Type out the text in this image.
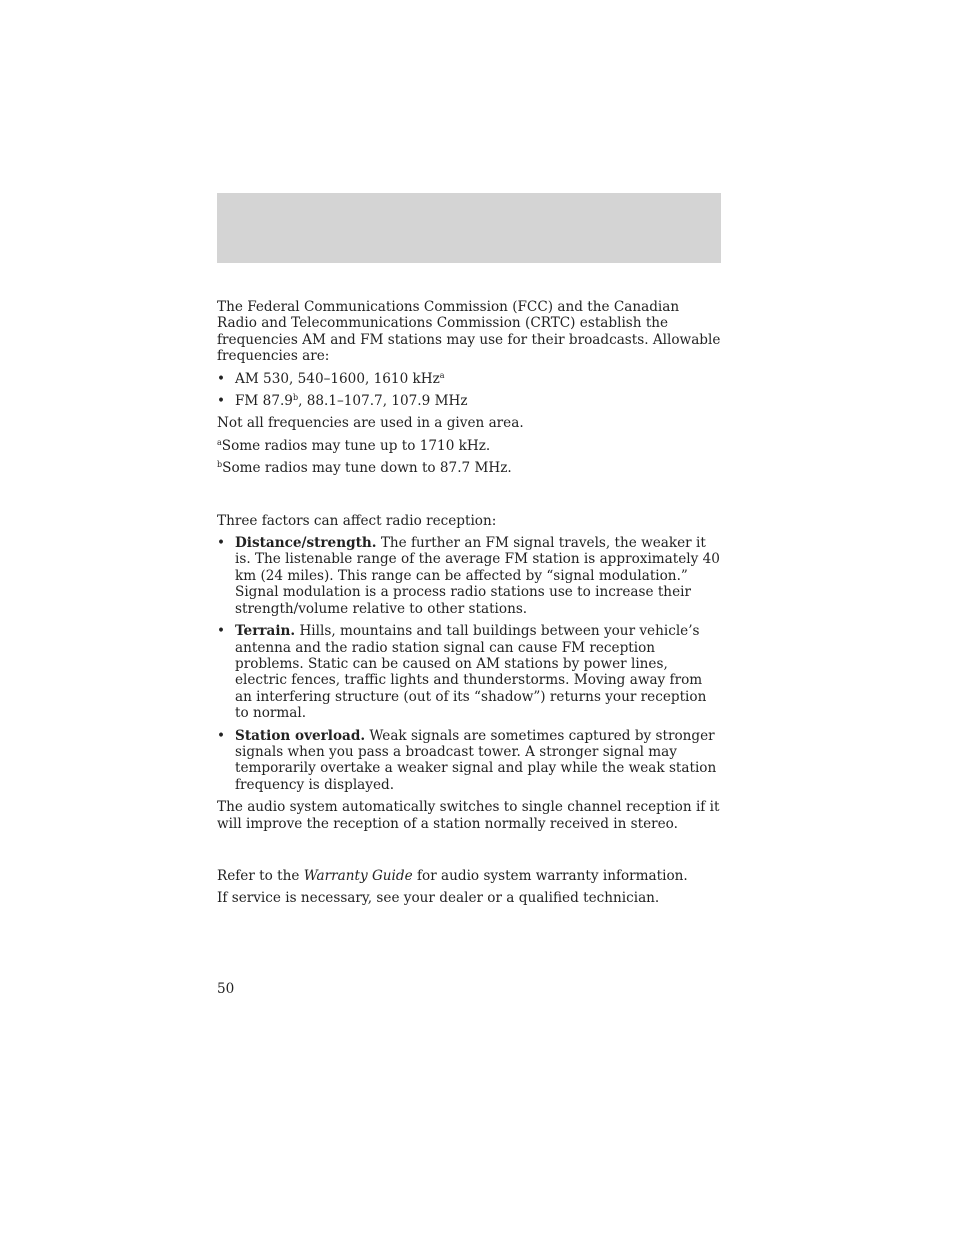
The Federal Communications Commission (FCC) and the Canadian Radio and Telecommunications Commission (CRTC) establish the frequencies AM and FM stations may use for their broadcasts. Allowable frequencies are:

• AM 530, 540–1600, 1610 kHz$^a$
• FM 87.9$^b$, 88.1–107.7, 107.9 MHz

Not all frequencies are used in a given area.

$^a$Some radios may tune up to 1710 kHz.

$^b$Some radios may tune down to 87.7 MHz.

Three factors can affect radio reception:

• Distance/strength. The further an FM signal travels, the weaker it is. The listenable range of the average FM station is approximately 40 km (24 miles). This range can be affected by “signal modulation.” Signal modulation is a process radio stations use to increase their strength/volume relative to other stations.
• Terrain. Hills, mountains and tall buildings between your vehicle’s antenna and the radio station signal can cause FM reception problems. Static can be caused on AM stations by power lines, electric fences, traffic lights and thunderstorms. Moving away from an interfering structure (out of its “shadow”) returns your reception to normal.
• Station overload. Weak signals are sometimes captured by stronger signals when you pass a broadcast tower. A stronger signal may temporarily overtake a weaker signal and play while the weak station frequency is displayed.

The audio system automatically switches to single channel reception if it will improve the reception of a station normally received in stereo.

Refer to the Warranty Guide for audio system warranty information.

If service is necessary, see your dealer or a qualified technician.

50
